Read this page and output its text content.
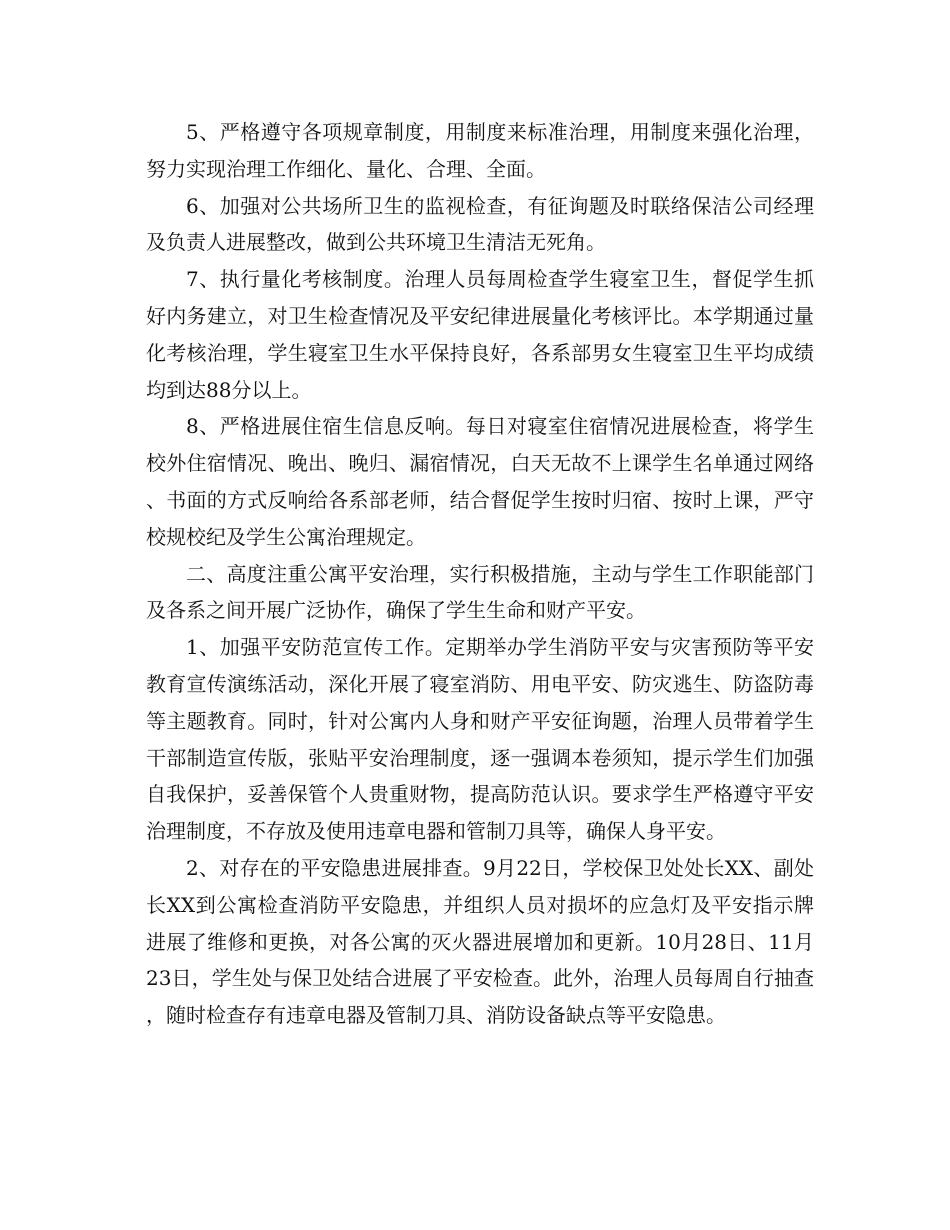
5、严格遵守各项规章制度，用制度来标准治理，用制度来强化治理，努力实现治理工作细化、量化、合理、全面。

6、加强对公共场所卫生的监视检查，有征询题及时联络保洁公司经理及负责人进展整改，做到公共环境卫生清洁无死角。

7、执行量化考核制度。治理人员每周检查学生寝室卫生，督促学生抓好内务建立，对卫生检查情况及平安纪律进展量化考核评比。本学期通过量化考核治理，学生寝室卫生水平保持良好，各系部男女生寝室卫生平均成绩均到达88分以上。

8、严格进展住宿生信息反响。每日对寝室住宿情况进展检查，将学生校外住宿情况、晚出、晚归、漏宿情况，白天无故不上课学生名单通过网络、书面的方式反响给各系部老师，结合督促学生按时归宿、按时上课，严守校规校纪及学生公寓治理规定。

二、高度注重公寓平安治理，实行积极措施，主动与学生工作职能部门及各系之间开展广泛协作，确保了学生生命和财产平安。

1、加强平安防范宣传工作。定期举办学生消防平安与灾害预防等平安教育宣传演练活动，深化开展了寝室消防、用电平安、防灾逃生、防盗防毒等主题教育。同时，针对公寓内人身和财产平安征询题，治理人员带着学生干部制造宣传版，张贴平安治理制度，逐一强调本卷须知，提示学生们加强自我保护，妥善保管个人贵重财物，提高防范认识。要求学生严格遵守平安治理制度，不存放及使用违章电器和管制刀具等，确保人身平安。

2、对存在的平安隐患进展排查。9月22日，学校保卫处处长XX、副处长XX到公寓检查消防平安隐患，并组织人员对损坏的应急灯及平安指示牌进展了维修和更换，对各公寓的灭火器进展增加和更新。10月28日、11月23日，学生处与保卫处结合进展了平安检查。此外，治理人员每周自行抽查，随时检查存有违章电器及管制刀具、消防设备缺点等平安隐患。
